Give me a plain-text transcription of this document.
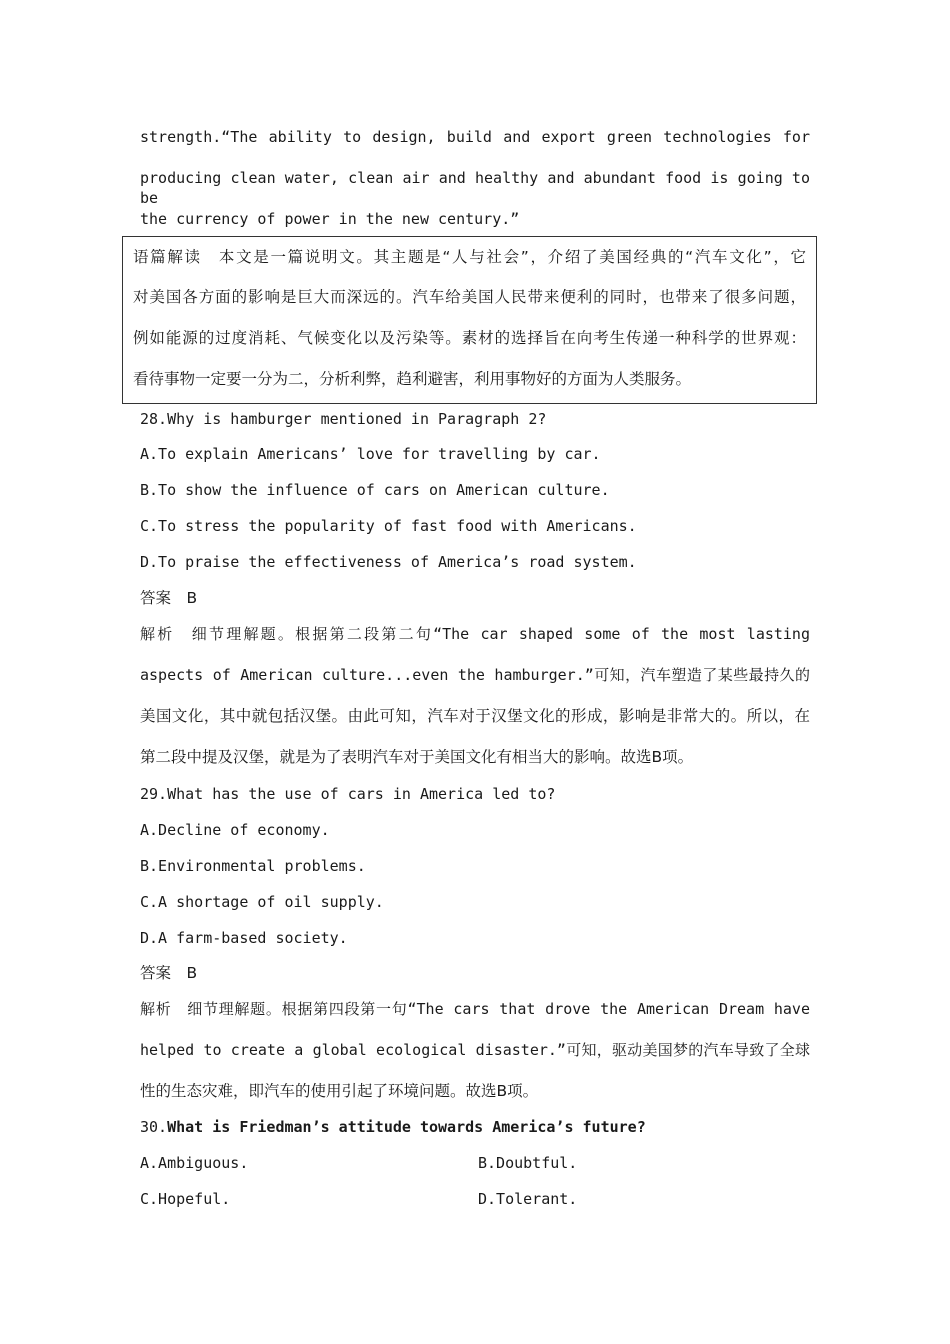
strength.“The ability to design, build and export green technologies for
producing clean water, clean air and healthy and abundant food is going to be
the currency of power in the new century.”
语篇解读　本文是一篇说明文。其主题是“人与社会”，介绍了美国经典的“汽车文化”，它
对美国各方面的影响是巨大而深远的。汽车给美国人民带来便利的同时，也带来了很多问题，
例如能源的过度消耗、气候变化以及污染等。素材的选择旨在向考生传递一种科学的世界观：
看待事物一定要一分为二，分析利弊，趋利避害，利用事物好的方面为人类服务。
28.Why is hamburger mentioned in Paragraph 2?
A.To explain Americans’ love for travelling by car.
B.To show the influence of cars on American culture.
C.To stress the popularity of fast food with Americans.
D.To praise the effectiveness of America’s road system.
答案　B
解析　细节理解题。根据第二段第二句“The car shaped some of the most lasting
aspects of American culture...even the hamburger.”可知，汽车塑造了某些最持久的
美国文化，其中就包括汉堡。由此可知，汽车对于汉堡文化的形成，影响是非常大的。所以，在
第二段中提及汉堡，就是为了表明汽车对于美国文化有相当大的影响。故选B项。
29.What has the use of cars in America led to?
A.Decline of economy.
B.Environmental problems.
C.A shortage of oil supply.
D.A farm-based society.
答案　B
解析　细节理解题。根据第四段第一句“The cars that drove the American Dream have
helped to create a global ecological disaster.”可知，驱动美国梦的汽车导致了全球
性的生态灾难，即汽车的使用引起了环境问题。故选B项。
30.What is Friedman’s attitude towards America’s future?
A.Ambiguous.	B.Doubtful.
C.Hopeful.	D.Tolerant.
